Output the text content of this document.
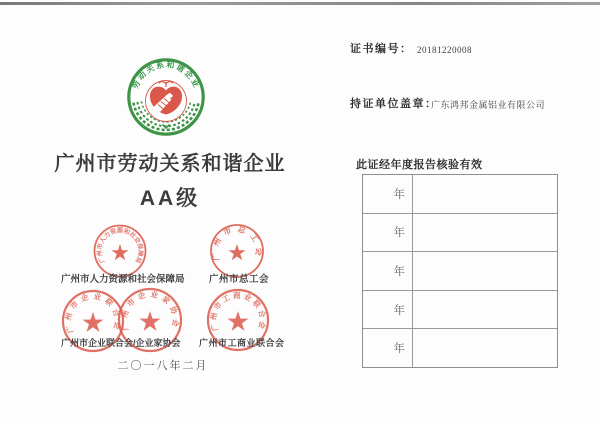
劳动关系和谐企业
广州市劳动关系和谐企业
AA级
广州市人力资源和社会保障局	广州市总工会
广州市企业联合会
广州市企业家协会	广州市工商业联合会
广州市人力资源和社会保障局	广州市总工会
广州市企业联合会/企业家协会 广州市工商业联合会
二〇一八年二月
证书编号： 20181220008
持证单位盖章：
广东鸿邦金属铝业有限公司
此证经年度报告核验有效
年
年
年
年
年
